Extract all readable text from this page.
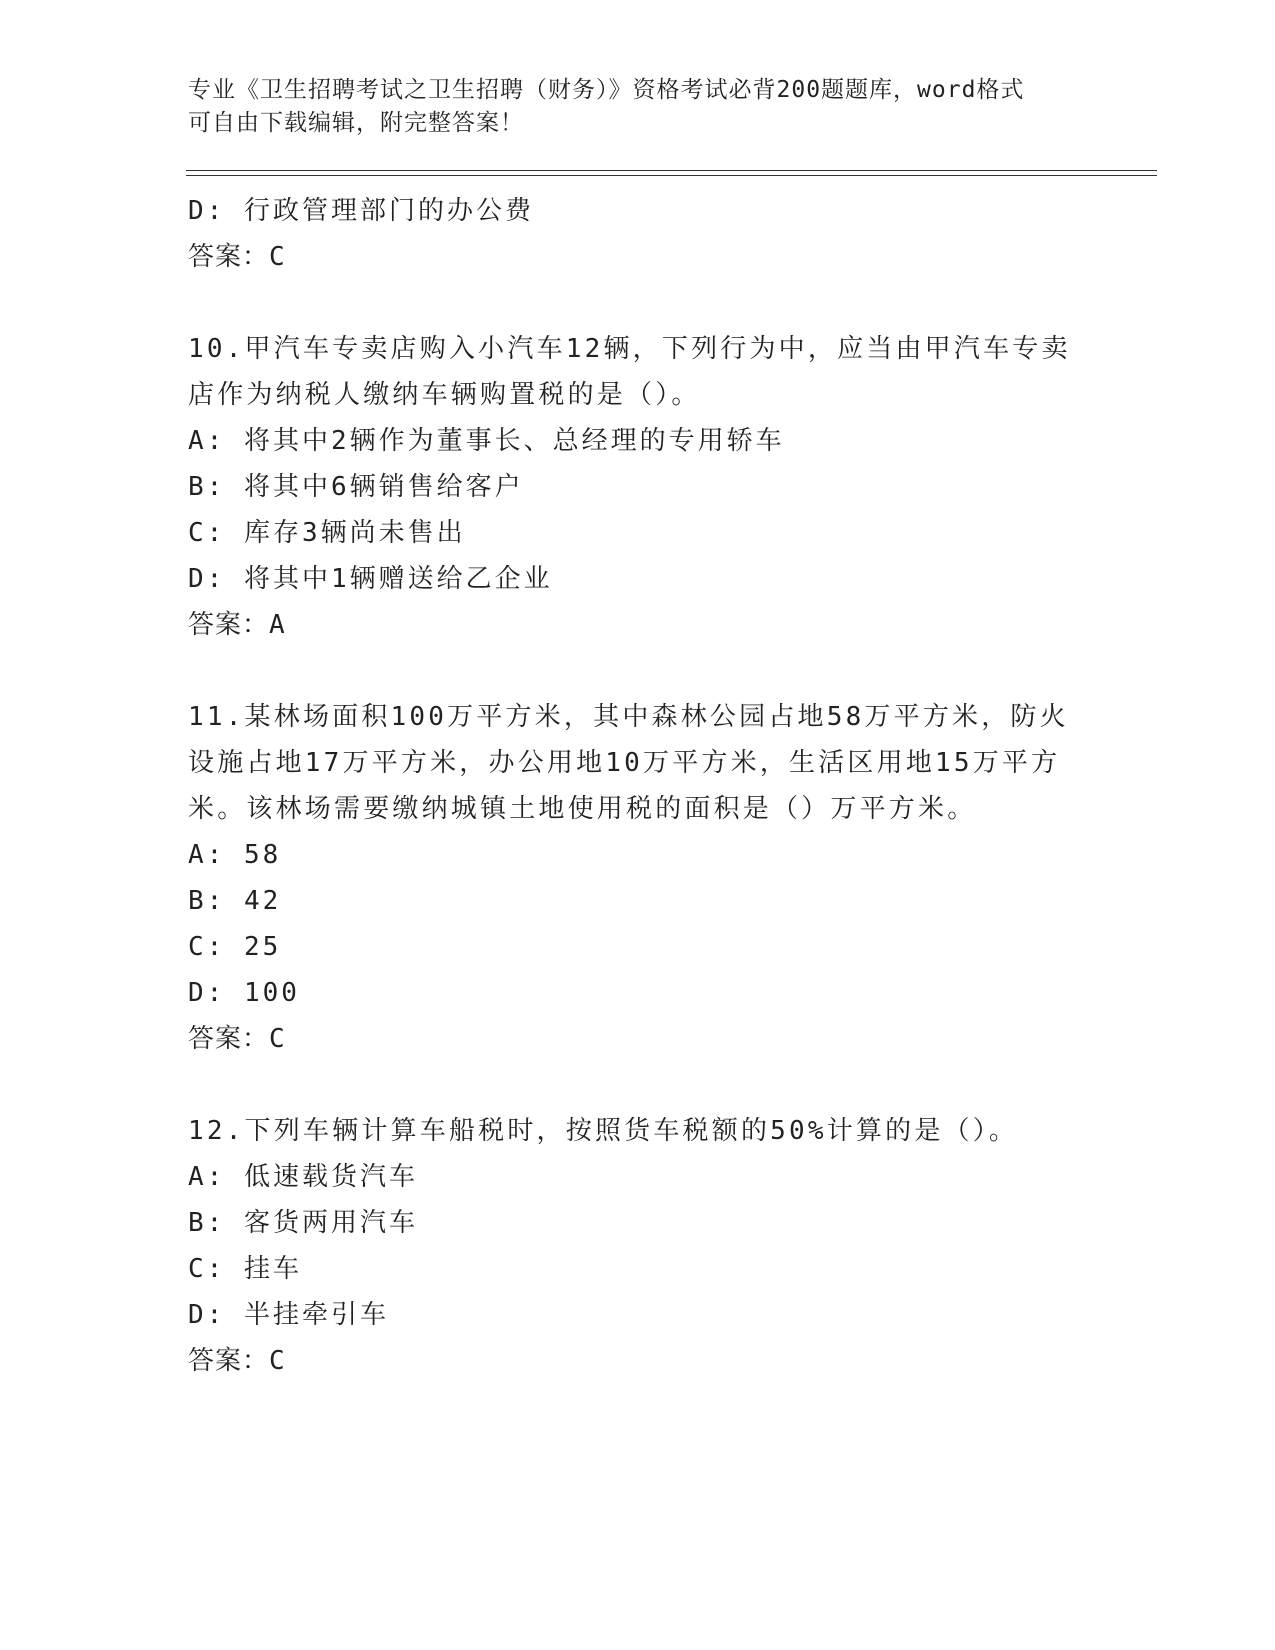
专业《卫生招聘考试之卫生招聘（财务）》资格考试必背200题题库，word格式
可自由下载编辑，附完整答案！
D: 行政管理部门的办公费
答案：C
10.甲汽车专卖店购入小汽车12辆，下列行为中，应当由甲汽车专卖
店作为纳税人缴纳车辆购置税的是（）。
A: 将其中2辆作为董事长、总经理的专用轿车
B: 将其中6辆销售给客户
C: 库存3辆尚未售出
D: 将其中1辆赠送给乙企业
答案：A
11.某林场面积100万平方米，其中森林公园占地58万平方米，防火
设施占地17万平方米，办公用地10万平方米，生活区用地15万平方
米。该林场需要缴纳城镇土地使用税的面积是（）万平方米。
A: 58
B: 42
C: 25
D: 100
答案：C
12.下列车辆计算车船税时，按照货车税额的50%计算的是（）。
A: 低速载货汽车
B: 客货两用汽车
C: 挂车
D: 半挂牵引车
答案：C
